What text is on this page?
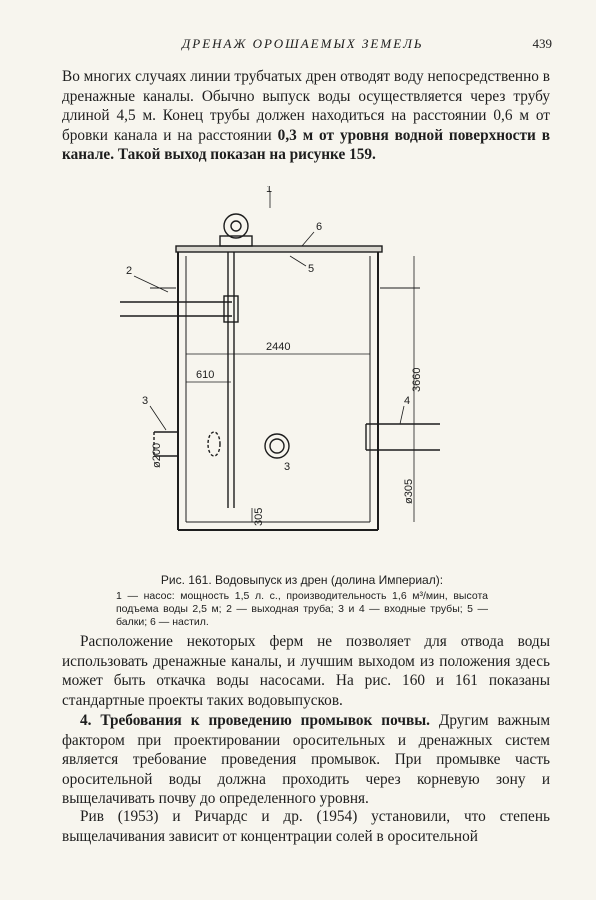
ДРЕНАЖ ОРОШАЕМЫХ ЗЕМЕЛЬ	439

Во многих случаях линии трубчатых дрен отводят воду непосредственно в дренажные каналы. Обычно выпуск воды осуществляется через трубу длиной 4,5 м. Конец трубы должен находиться на расстоянии 0,6 м от бровки канала и на расстоянии 0,3 м от уровня водной поверхности в канале. Такой выход показан на рисунке 159.

1
2
3
3
4
5
6
2440
610	3660
ø200
ø305
305

Рис. 161. Водовыпуск из дрен (долина Империал):

1 — насос: мощность 1,5 л. с., производительность 1,6 м³/мин, высота подъема воды 2,5 м; 2 — выходная труба; 3 и 4 — входные трубы; 5 — балки; 6 — настил.

Расположение некоторых ферм не позволяет для отвода воды использовать дренажные каналы, и лучшим выходом из положения здесь может быть откачка воды насосами. На рис. 160 и 161 показаны стандартные проекты таких водовыпусков.

4. Требования к проведению промывок почвы. Другим важным фактором при проектировании оросительных и дренажных систем является требование проведения промывок. При промывке часть оросительной воды должна проходить через корневую зону и выщелачивать почву до определенного уровня.

Рив (1953) и Ричардс и др. (1954) установили, что степень выщелачивания зависит от концентрации солей в оросительной
